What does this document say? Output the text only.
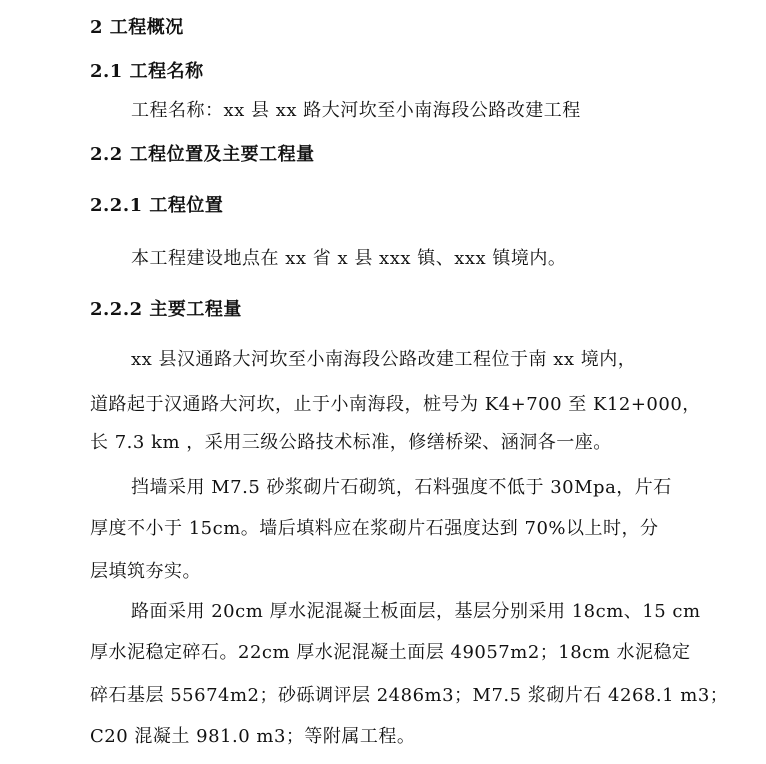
2 工程概况
2.1 工程名称
工程名称：xx 县 xx 路大河坎至小南海段公路改建工程
2.2 工程位置及主要工程量
2.2.1 工程位置
本工程建设地点在 xx 省 x 县 xxx 镇、xxx 镇境内。
2.2.2 主要工程量
xx 县汉通路大河坎至小南海段公路改建工程位于南 xx 境内，
道路起于汉通路大河坎，止于小南海段，桩号为 K4+700 至 K12+000，
长 7.3 km ，采用三级公路技术标准，修缮桥梁、涵洞各一座。
挡墙采用 M7.5 砂浆砌片石砌筑，石料强度不低于 30Mpa，片石
厚度不小于 15cm。墙后填料应在浆砌片石强度达到 70%以上时，分
层填筑夯实。
路面采用 20cm 厚水泥混凝土板面层，基层分别采用 18cm、15 cm
厚水泥稳定碎石。22cm 厚水泥混凝土面层 49057m2；18cm 水泥稳定
碎石基层 55674m2；砂砾调评层 2486m3；M7.5 浆砌片石 4268.1 m3；
C20 混凝土 981.0 m3；等附属工程。
